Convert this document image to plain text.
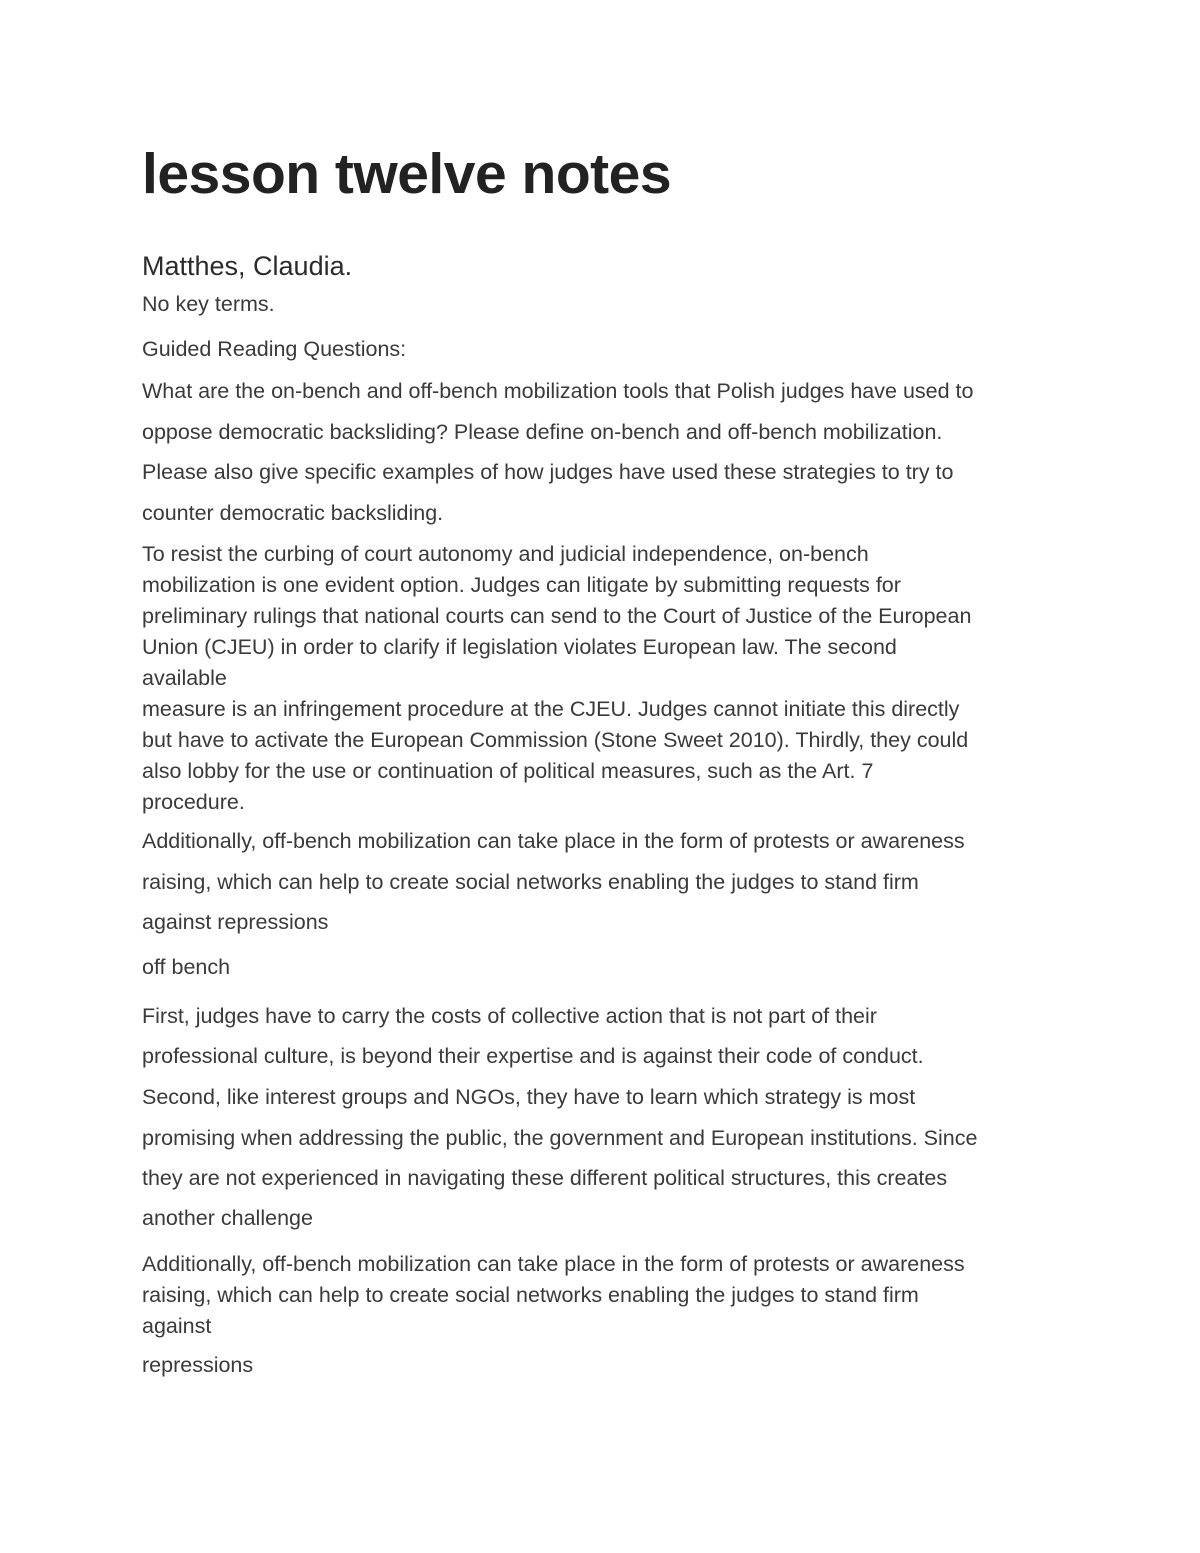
lesson twelve notes
Matthes, Claudia.

No key terms.

Guided Reading Questions:

What are the on-bench and off-bench mobilization tools that Polish judges have used to

oppose democratic backsliding? Please define on-bench and off-bench mobilization.

Please also give specific examples of how judges have used these strategies to try to

counter democratic backsliding.

To resist the curbing of court autonomy and judicial independence, on-bench
mobilization is one evident option. Judges can litigate by submitting requests for
preliminary rulings that national courts can send to the Court of Justice of the European
Union (CJEU) in order to clarify if legislation violates European law. The second
available
measure is an infringement procedure at the CJEU. Judges cannot initiate this directly
but have to activate the European Commission (Stone Sweet 2010). Thirdly, they could
also lobby for the use or continuation of political measures, such as the Art. 7
procedure.

Additionally, off-bench mobilization can take place in the form of protests or awareness

raising, which can help to create social networks enabling the judges to stand firm

against repressions

off bench

First, judges have to carry the costs of collective action that is not part of their

professional culture, is beyond their expertise and is against their code of conduct.

Second, like interest groups and NGOs, they have to learn which strategy is most

promising when addressing the public, the government and European institutions. Since

they are not experienced in navigating these different political structures, this creates

another challenge

Additionally, off-bench mobilization can take place in the form of protests or awareness
raising, which can help to create social networks enabling the judges to stand firm
against

repressions
